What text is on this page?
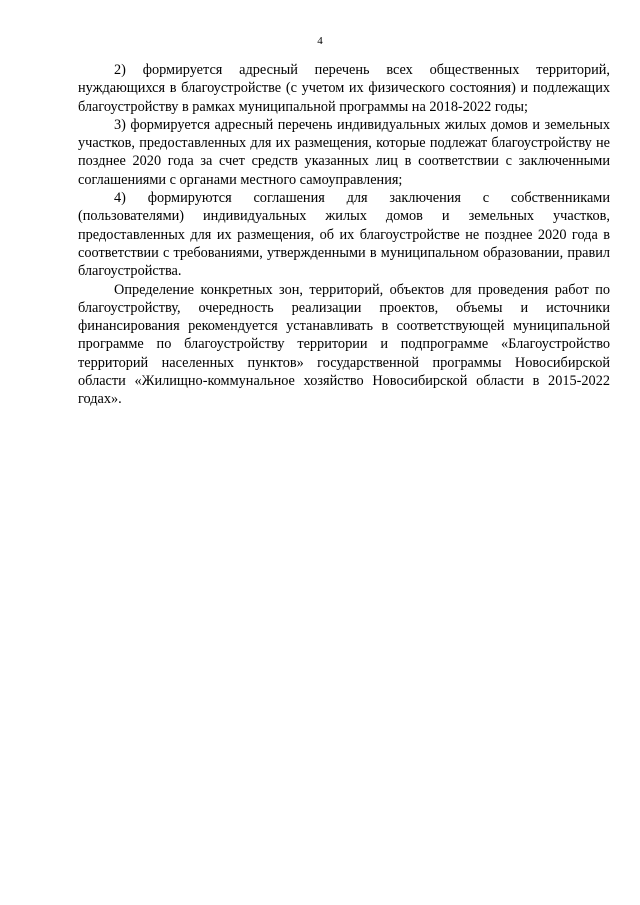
4

2) формируется адресный перечень всех общественных территорий, нуждающихся в благоустройстве (с учетом их физического состояния) и подлежащих благоустройству в рамках муниципальной программы на 2018-2022 годы;

3) формируется адресный перечень индивидуальных жилых домов и земельных участков, предоставленных для их размещения, которые подлежат благоустройству не позднее 2020 года за счет средств указанных лиц в соответствии с заключенными соглашениями с органами местного самоуправления;

4) формируются соглашения для заключения с собственниками (пользователями) индивидуальных жилых домов и земельных участков, предоставленных для их размещения, об их благоустройстве не позднее 2020 года в соответствии с требованиями, утвержденными в муниципальном образовании, правил благоустройства.

Определение конкретных зон, территорий, объектов для проведения работ по благоустройству, очередность реализации проектов, объемы и источники финансирования рекомендуется устанавливать в соответствующей муниципальной программе по благоустройству территории и подпрограмме «Благоустройство территорий населенных пунктов» государственной программы Новосибирской области «Жилищно-коммунальное хозяйство Новосибирской области в 2015-2022 годах».
